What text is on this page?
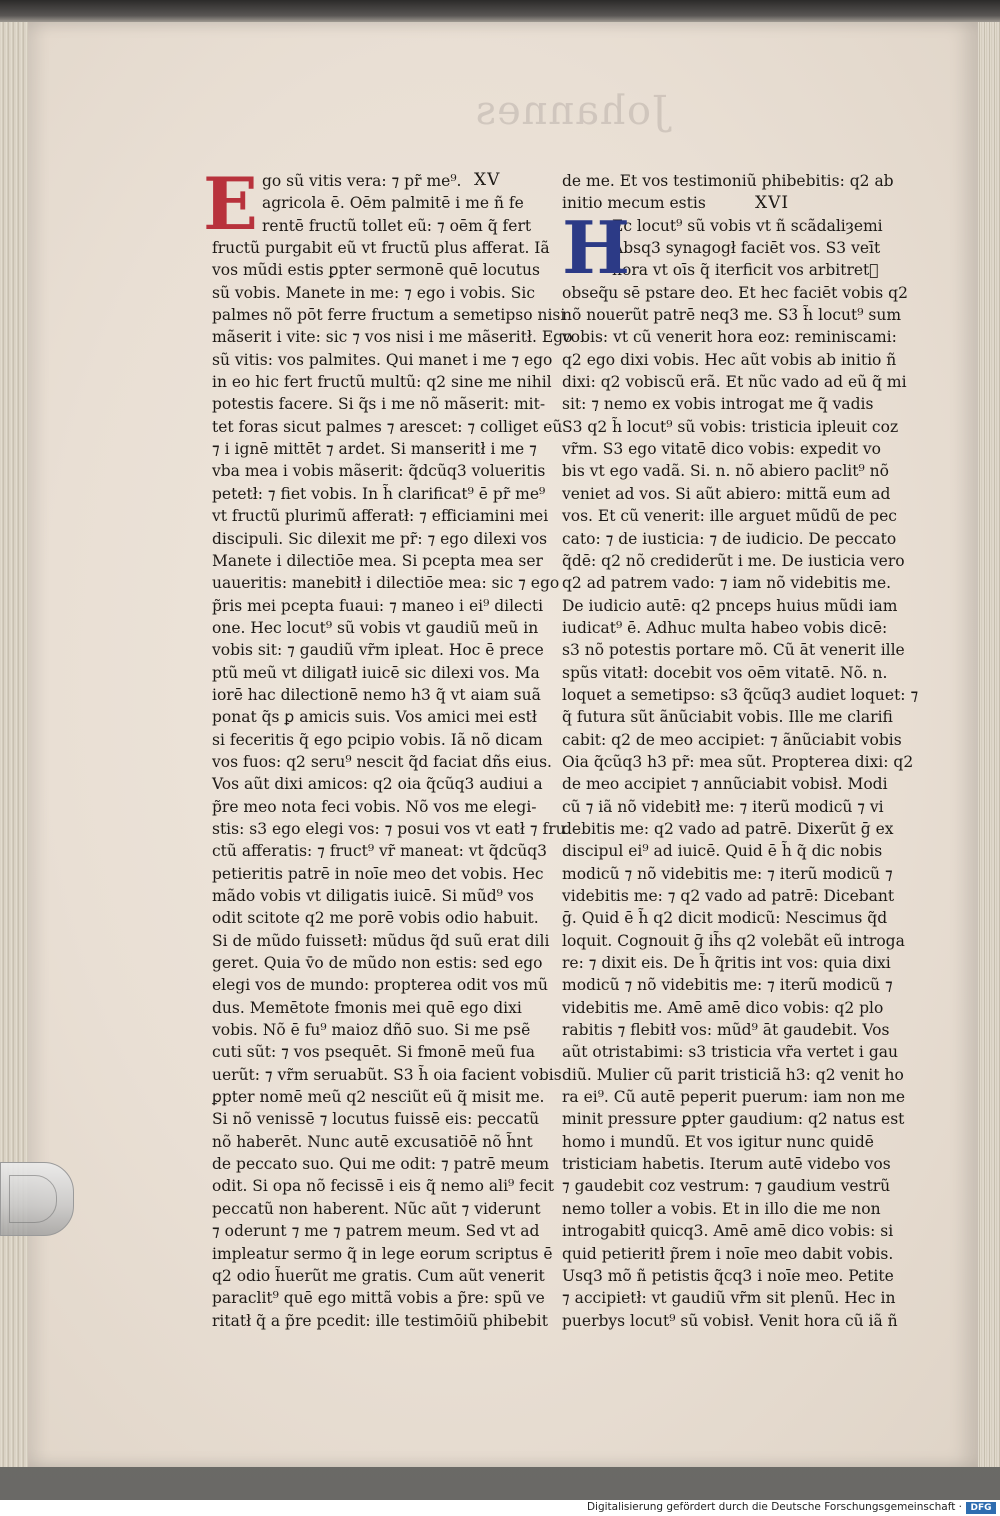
Johannes
E	XV
go sũ vitis vera: ⁊ pr̃ me⁹.
agricola ē. Oēm palmitē i me ñ fe
rentē fructũ tollet eũ: ⁊ oēm q̃ fert
fructũ purgabit eũ vt fructũ plus afferat. Iã
vos mũdi estis ꝑpter sermonē quē locutus
sũ vobis. Manete in me: ⁊ ego i vobis. Sic
palmes nõ pōt ferre fructum a semetipso nisi
mãserit i vite: sic ⁊ vos nisi i me mãseritł. Ego
sũ vitis: vos palmites. Qui manet i me ⁊ ego
in eo hic fert fructũ multũ: q2 sine me nihil
potestis facere. Si q̃s i me nõ mãserit: mit-
tet foras sicut palmes ⁊ arescet: ⁊ colliget eũ
⁊ i ignē mittēt ⁊ ardet. Si manseritł i me ⁊
vba mea i vobis mãserit: q̃dcũq3 volueritis
petetł: ⁊ fiet vobis. In h̃ clarificat⁹ ē pr̃ me⁹
vt fructũ plurimũ afferatł: ⁊ efficiamini mei
discipuli. Sic dilexit me pr̃: ⁊ ego dilexi vos
Manete i dilectiōe mea. Si pcepta mea ser
uaueritis: manebitł i dilectiōe mea: sic ⁊ ego
p̃ris mei pcepta fuaui: ⁊ maneo i ei⁹ dilecti
one. Hec locut⁹ sũ vobis vt gaudiũ meũ in
vobis sit: ⁊ gaudiũ vr̃m ipleat. Hoc ē prece
ptũ meũ vt diligatł iuicē sic dilexi vos. Ma
iorē hac dilectionē nemo h3 q̃ vt aiam suã
ponat q̃s ꝑ amicis suis. Vos amici mei estł
si feceritis q̃ ego pcipio vobis. Iã nõ dicam
vos fuos: q2 seru⁹ nescit q̃d faciat dñs eius.
Vos aũt dixi amicos: q2 oia q̃cũq3 audiui a
p̃re meo nota feci vobis. Nõ vos me elegi-
stis: s3 ego elegi vos: ⁊ posui vos vt eatł ⁊ fru
ctũ afferatis: ⁊ fruct⁹ vr̃ maneat: vt q̃dcũq3
petieritis patrē in noīe meo det vobis. Hec
mãdo vobis vt diligatis iuicē. Si mũd⁹ vos
odit scitote q2 me porē vobis odio habuit.
Si de mũdo fuissetł: mũdus q̃d suũ erat dili
geret. Quia v̄o de mũdo non estis: sed ego
elegi vos de mundo: propterea odit vos mũ
dus. Memētote fmonis mei quē ego dixi
vobis. Nõ ē fu⁹ maioz dñō suo. Si me psẽ
cuti sũt: ⁊ vos psequēt. Si fmonē meũ fua
uerũt: ⁊ vr̃m seruabũt. S3 h̃ oia facient vobis
ꝑpter nomē meũ q2 nesciũt eũ q̃ misit me.
Si nõ venissē ⁊ locutus fuissē eis: peccatũ
nõ haberēt. Nunc autē excusatiōē nõ h̃nt
de peccato suo. Qui me odit: ⁊ patrē meum
odit. Si opa nõ fecissē i eis q̃ nemo ali⁹ fecit
peccatũ non haberent. Nũc aũt ⁊ viderunt
⁊ oderunt ⁊ me ⁊ patrem meum. Sed vt ad
impleatur sermo q̃ in lege eorum scriptus ē
q2 odio h̃uerũt me gratis. Cum aũt venerit
paraclit⁹ quē ego mittã vobis a p̃re: spũ ve
ritatł q̃ a p̃re pcedit: ille testimōiũ phibebit
XVI
de me. Et vos testimoniũ phibebitis: q2 ab
initio mecum estis
Ec locut⁹ sũ vobis vt ñ scãdaliȝemi
Absq3 synagogł faciēt vos. S3 veīt
hora vt oīs q̃ iterficit vos arbitretᷣ
obseq̃u sē pstare deo. Et hec faciēt vobis q2
nõ nouerũt patrē neq3 me. S3 h̃ locut⁹ sum
vobis: vt cũ venerit hora eoz: reminiscami:
q2 ego dixi vobis. Hec aũt vobis ab initio ñ
dixi: q2 vobiscũ erã. Et nũc vado ad eũ q̃ mi
sit: ⁊ nemo ex vobis introgat me q̃ vadis
S3 q2 h̃ locut⁹ sũ vobis: tristicia ipleuit coz
vr̃m. S3 ego vitatē dico vobis: expedit vo
bis vt ego vadã. Si. n. nõ abiero paclit⁹ nõ
veniet ad vos. Si aũt abiero: mittã eum ad
vos. Et cũ venerit: ille arguet mũdũ de pec
cato: ⁊ de iusticia: ⁊ de iudicio. De peccato
q̃dē: q2 nõ crediderũt i me. De iusticia vero
q2 ad patrem vado: ⁊ iam nõ videbitis me.
De iudicio autē: q2 pnceps huius mũdi iam
iudicat⁹ ē. Adhuc multa habeo vobis dicē:
s3 nõ potestis portare mõ. Cũ āt venerit ille
spũs vitatł: docebit vos oēm vitatē. Nõ. n.
loquet a semetipso: s3 q̃cũq3 audiet loquet: ⁊
q̃ futura sũt ãnũciabit vobis. Ille me clarifi
cabit: q2 de meo accipiet: ⁊ ãnũciabit vobis
Oia q̃cũq3 h3 pr̃: mea sũt. Propterea dixi: q2
de meo accipiet ⁊ annũciabit vobisł. Modi
cũ ⁊ iã nõ videbitł me: ⁊ iterũ modicũ ⁊ vi
debitis me: q2 vado ad patrē. Dixerũt ḡ ex
discipul ei⁹ ad iuicē. Quid ē h̃ q̃ dic nobis
modicũ ⁊ nõ videbitis me: ⁊ iterũ modicũ ⁊
videbitis me: ⁊ q2 vado ad patrē: Dicebant
ḡ. Quid ē h̃ q2 dicit modicũ: Nescimus q̃d
loquit. Cognouit ḡ ih̃s q2 volebãt eũ introga
re: ⁊ dixit eis. De h̃ q̃ritis int vos: quia dixi
modicũ ⁊ nõ videbitis me: ⁊ iterũ modicũ ⁊
videbitis me. Amē amē dico vobis: q2 plo
rabitis ⁊ flebitł vos: mũd⁹ āt gaudebit. Vos
aũt otristabimi: s3 tristicia vr̃a vertet i gau
diũ. Mulier cũ parit tristiciã h3: q2 venit ho
ra ei⁹. Cũ autē peperit puerum: iam non me
minit pressure ꝑpter gaudium: q2 natus est
homo i mundũ. Et vos igitur nunc quidē
tristiciam habetis. Iterum autē videbo vos
⁊ gaudebit coz vestrum: ⁊ gaudium vestrũ
nemo toller a vobis. Et in illo die me non
introgabitł quicq3. Amē amē dico vobis: si
quid petieritł p̃rem i noīe meo dabit vobis.
Usq3 mõ ñ petistis q̃cq3 i noīe meo. Petite
⁊ accipietł: vt gaudiũ vr̃m sit plenũ. Hec in
puerbys locut⁹ sũ vobisł. Venit hora cũ iã ñ
H
Digitalisierung gefördert durch die Deutsche Forschungsgemeinschaft · DFG
